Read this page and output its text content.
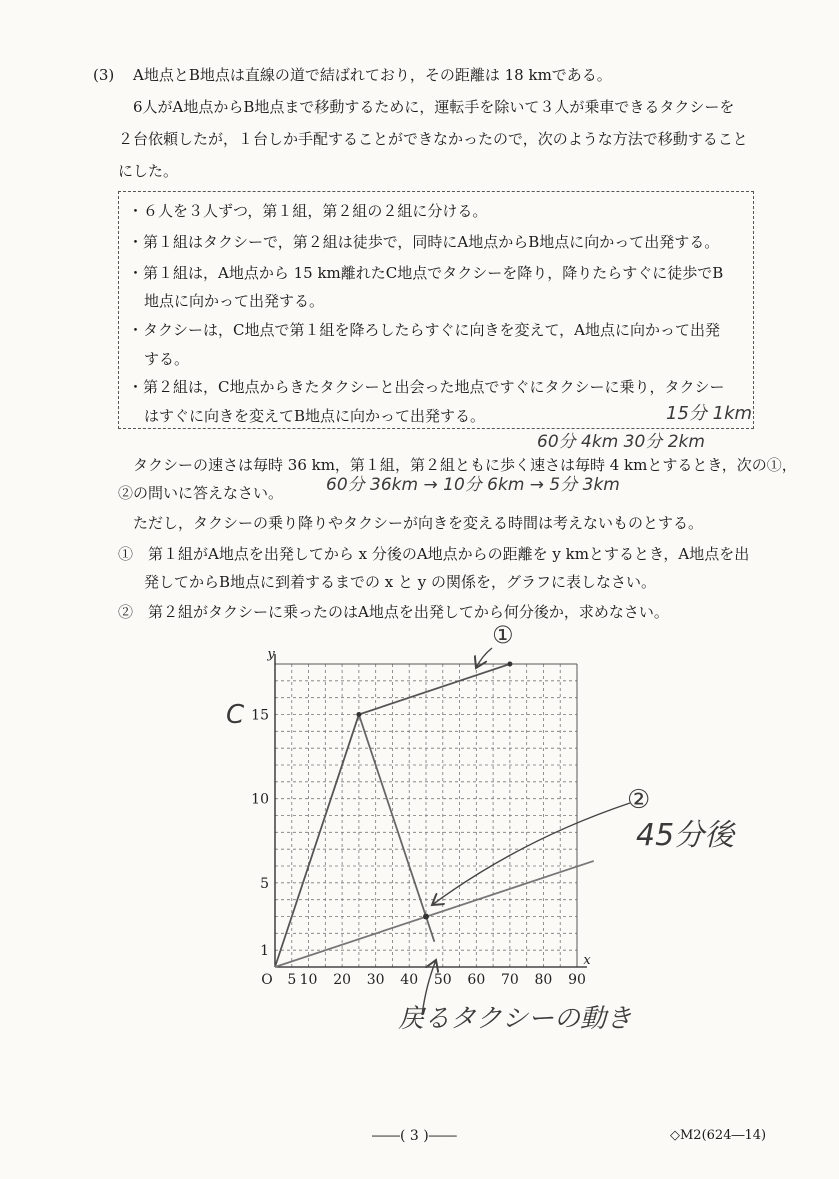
(3) A地点とB地点は直線の道で結ばれており，その距離は 18 kmである。
6人がA地点からB地点まで移動するために，運転手を除いて３人が乗車できるタクシーを
２台依頼したが，１台しか手配することができなかったので，次のような方法で移動すること
にした。
・６人を３人ずつ，第１組，第２組の２組に分ける。
・第１組はタクシーで，第２組は徒歩で，同時にA地点からB地点に向かって出発する。
・第１組は，A地点から 15 km離れたC地点でタクシーを降り，降りたらすぐに徒歩でB
地点に向かって出発する。
・タクシーは，C地点で第１組を降ろしたらすぐに向きを変えて，A地点に向かって出発
する。
・第２組は，C地点からきたタクシーと出会った地点ですぐにタクシーに乗り，タクシー
はすぐに向きを変えてB地点に向かって出発する。	15分 1km
60分 4km 30分 2km
タクシーの速さは毎時 36 km，第１組，第２組ともに歩く速さは毎時 4 kmとするとき，次の①，
60分 36km → 10分 6km → 5分 3km
②の問いに答えなさい。
ただし，タクシーの乗り降りやタクシーが向きを変える時間は考えないものとする。
①　第１組がA地点を出発してから x 分後のA地点からの距離を y kmとするとき，A地点を出
発してからB地点に到着するまでの x と y の関係を，グラフに表しなさい。
②　第２組がタクシーに乗ったのはA地点を出発してから何分後か，求めなさい。
5 10 20 30 40 50 60 70 80 90
1
5
10
15
O
x
y
C
①
②
45分後
戻るタクシーの動き
――( 3 )――	◇M2(624―14)
